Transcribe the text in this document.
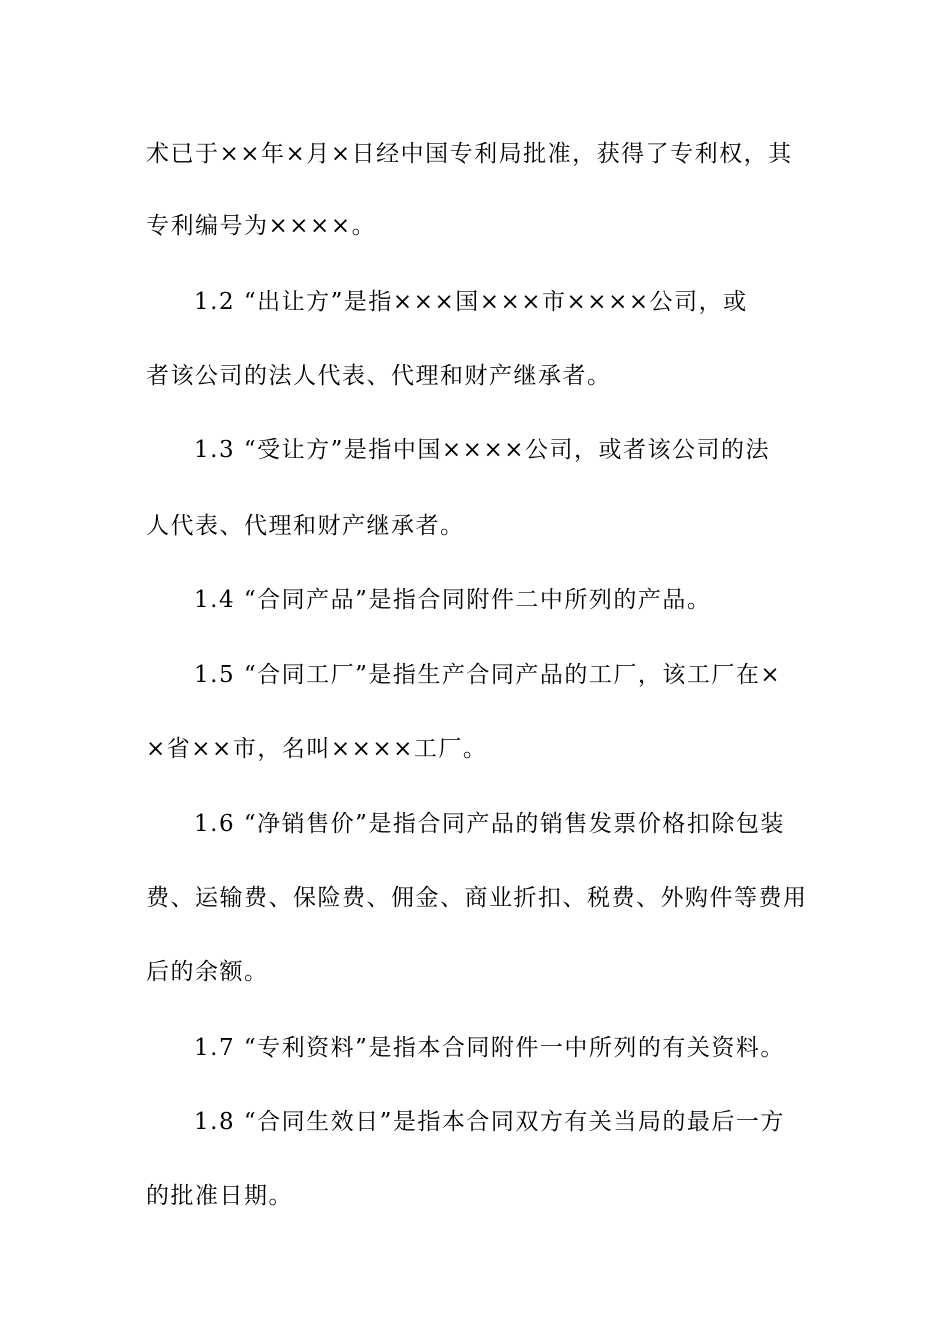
术已于××年×月×日经中国专利局批准，获得了专利权，其
专利编号为××××。
1.2 “出让方”是指×××国×××市××××公司，或
者该公司的法人代表、代理和财产继承者。
1.3 “受让方”是指中国××××公司，或者该公司的法
人代表、代理和财产继承者。
1.4 “合同产品”是指合同附件二中所列的产品。
1.5 “合同工厂”是指生产合同产品的工厂，该工厂在×
×省××市，名叫××××工厂。
1.6 “净销售价”是指合同产品的销售发票价格扣除包装
费、运输费、保险费、佣金、商业折扣、税费、外购件等费用
后的余额。
1.7 “专利资料”是指本合同附件一中所列的有关资料。
1.8 “合同生效日”是指本合同双方有关当局的最后一方
的批准日期。
